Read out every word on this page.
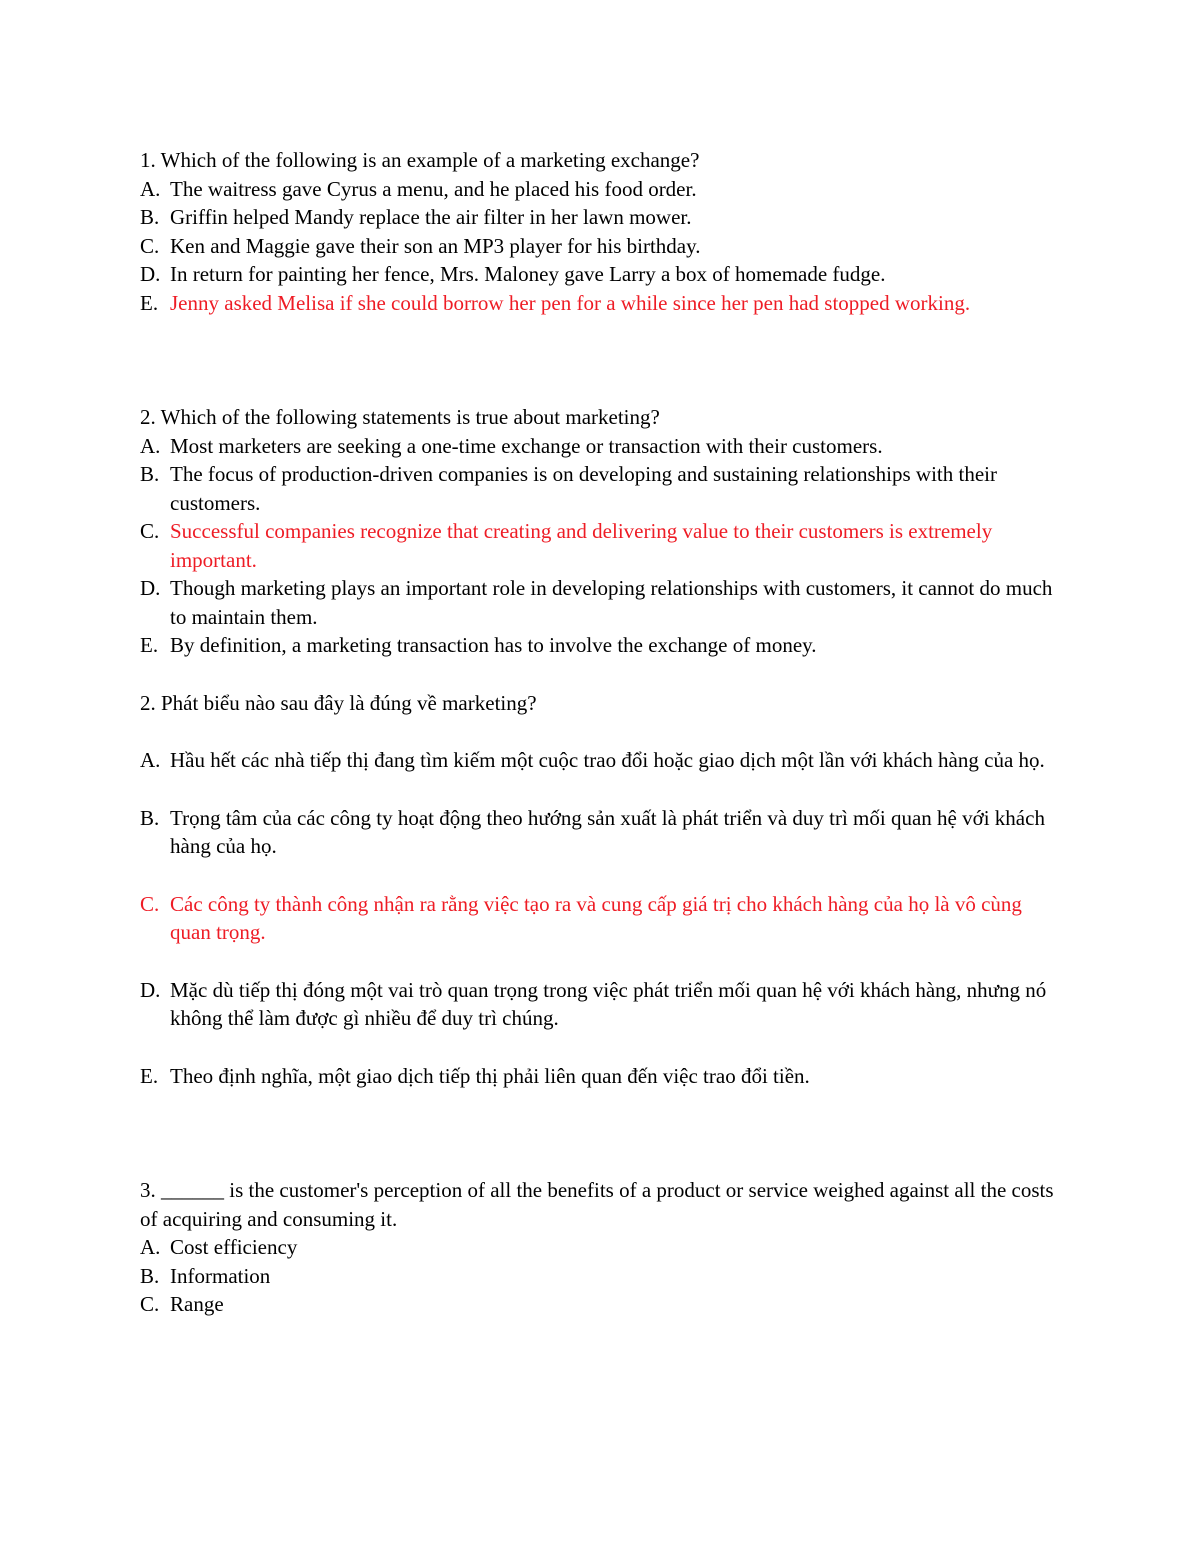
1. Which of the following is an example of a marketing exchange?

A. The waitress gave Cyrus a menu, and he placed his food order.
B. Griffin helped Mandy replace the air filter in her lawn mower.
C. Ken and Maggie gave their son an MP3 player for his birthday.
D. In return for painting her fence, Mrs. Maloney gave Larry a box of homemade fudge.
E. Jenny asked Melisa if she could borrow her pen for a while since her pen had stopped working.

2. Which of the following statements is true about marketing?

A. Most marketers are seeking a one-time exchange or transaction with their customers.
B. The focus of production-driven companies is on developing and sustaining relationships with their customers.
C. Successful companies recognize that creating and delivering value to their customers is extremely important.
D. Though marketing plays an important role in developing relationships with customers, it cannot do much to maintain them.
E. By definition, a marketing transaction has to involve the exchange of money.

2. Phát biểu nào sau đây là đúng về marketing?

A. Hầu hết các nhà tiếp thị đang tìm kiếm một cuộc trao đổi hoặc giao dịch một lần với khách hàng của họ.
B. Trọng tâm của các công ty hoạt động theo hướng sản xuất là phát triển và duy trì mối quan hệ với khách hàng của họ.
C. Các công ty thành công nhận ra rằng việc tạo ra và cung cấp giá trị cho khách hàng của họ là vô cùng quan trọng.
D. Mặc dù tiếp thị đóng một vai trò quan trọng trong việc phát triển mối quan hệ với khách hàng, nhưng nó không thể làm được gì nhiều để duy trì chúng.
E. Theo định nghĩa, một giao dịch tiếp thị phải liên quan đến việc trao đổi tiền.

3. ______ is the customer's perception of all the benefits of a product or service weighed against all the costs of acquiring and consuming it.

A. Cost efficiency
B. Information
C. Range
